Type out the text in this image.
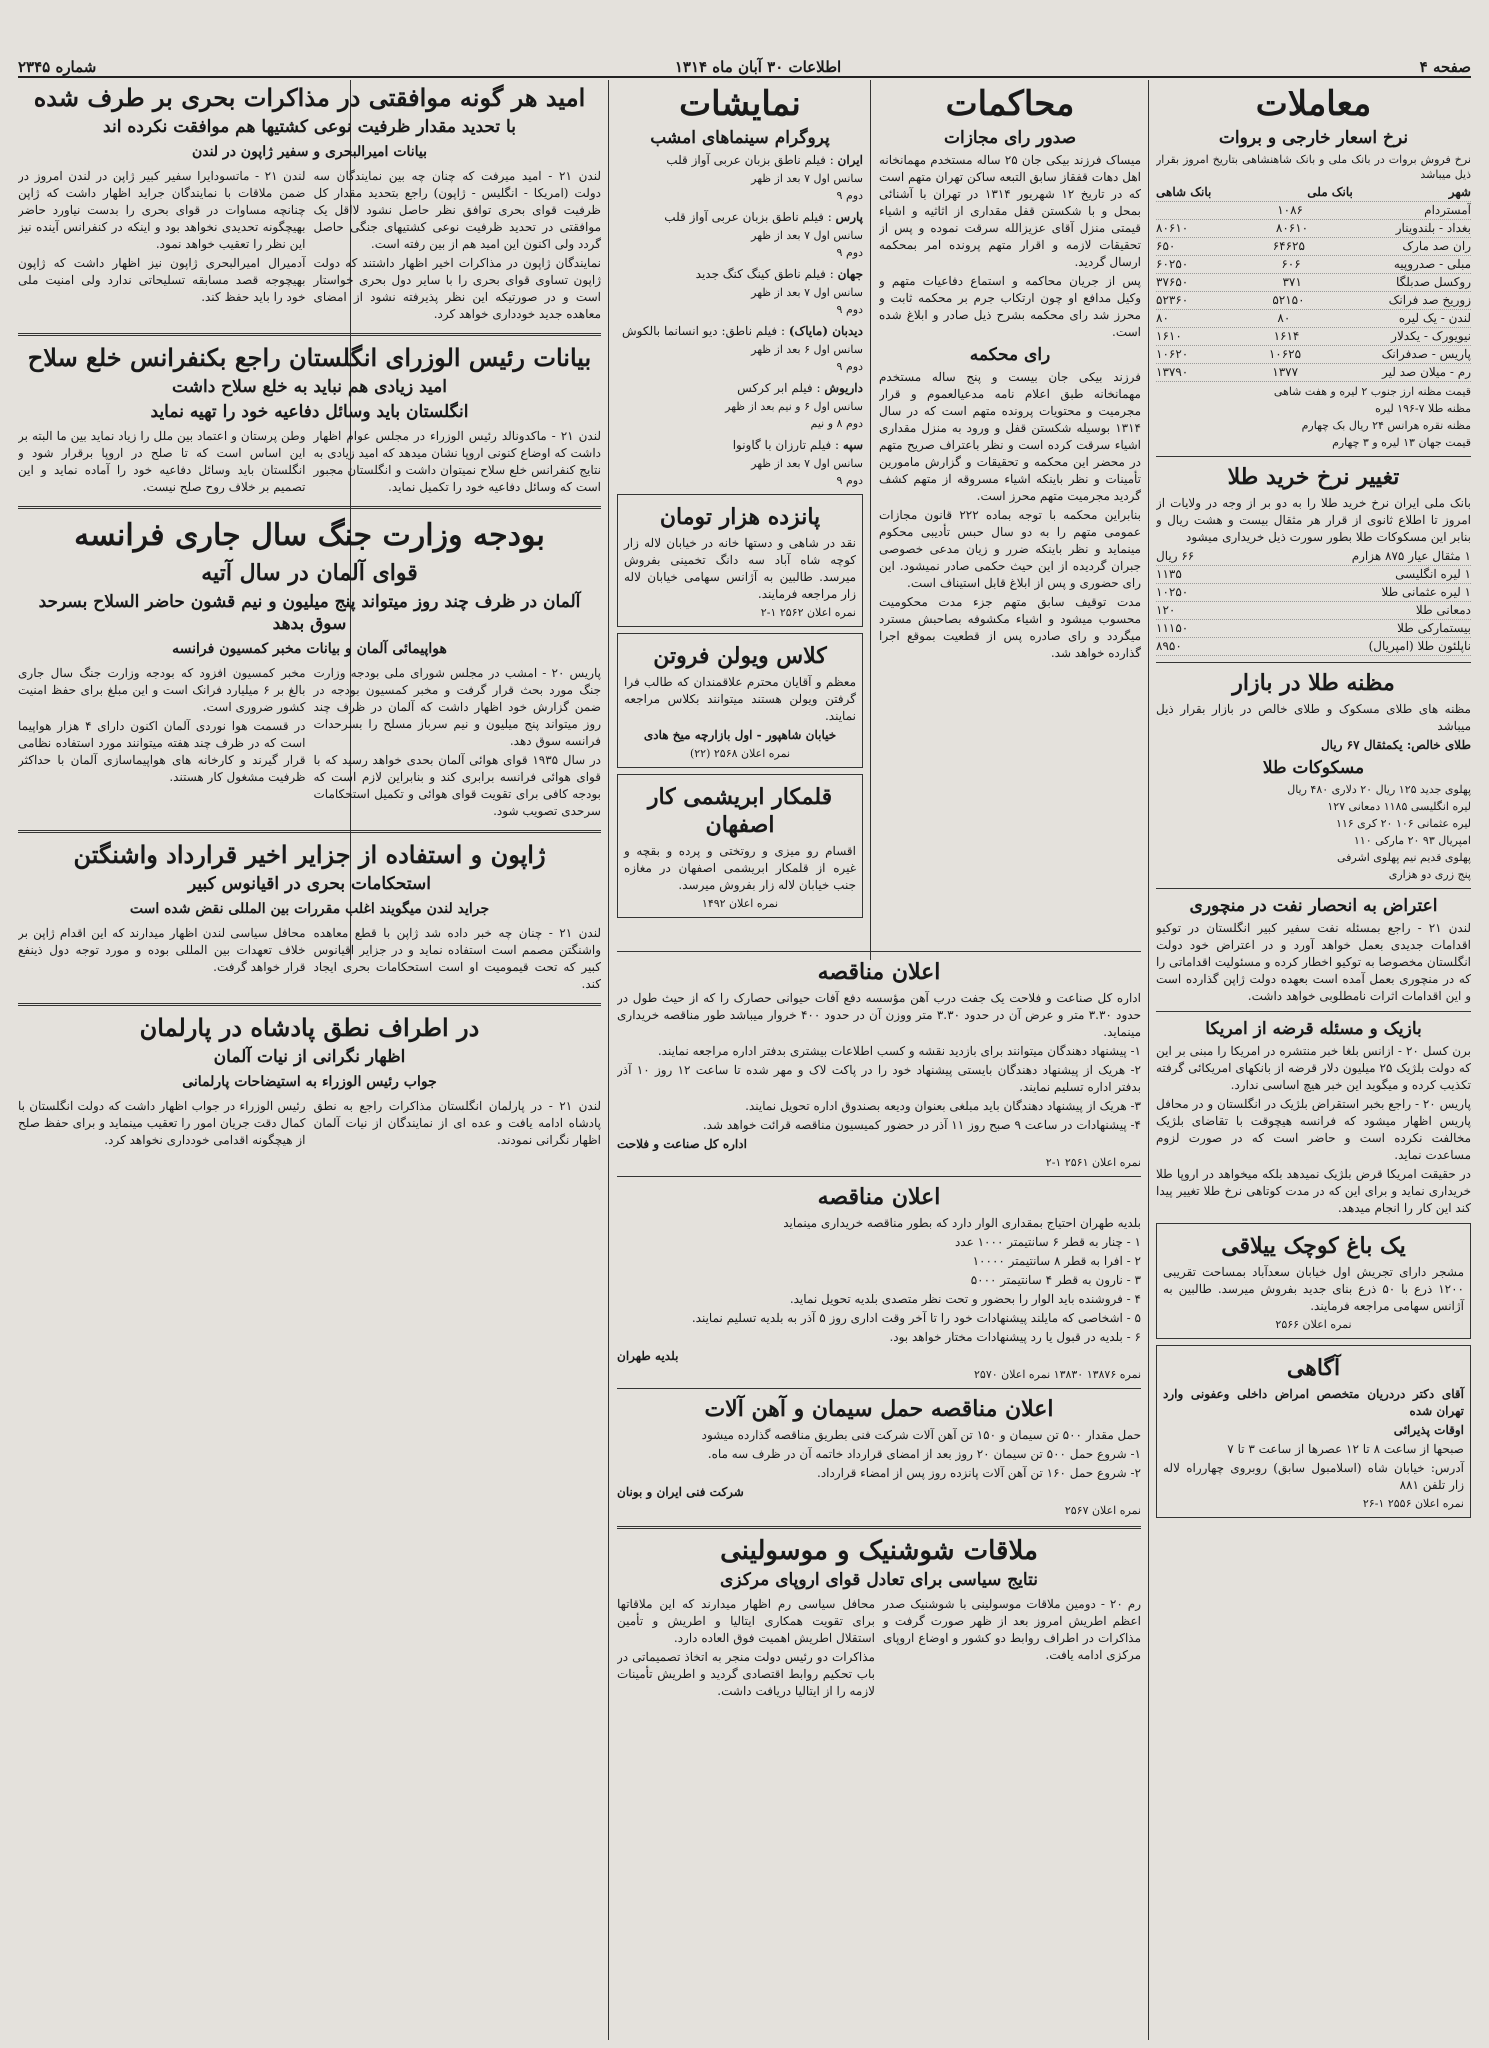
صفحه ۴
اطلاعات ۳۰ آبان ماه ۱۳۱۴
شماره ۲۳۴۵
معاملات
نرخ اسعار خارجی و بروات
نرخ فروش بروات در بانک ملی و بانک شاهنشاهی بتاریخ امروز بقرار ذیل میباشد
شهر
بانک ملی
بانک شاهی
آمستردام
۱۰۸۶
بغداد - بلندوینار
۸۰۶۱۰
۸۰۶۱۰
ران صد مارک
۶۴۶۲۵
۶۵۰
مبلی - صدروپیه
۶۰۶
۶۰۲۵۰
روکسل صدبلگا
۳۷۱
۳۷۶۵۰
زوریخ صد فرانک
۵۲۱۵۰
۵۲۳۶۰
لندن - یک لیره
۸۰
۸۰
نیویورک - یکدلار
۱۶۱۴
۱۶۱۰
پاریس - صدفرانک
۱۰۶۲۵
۱۰۶۲۰
رم - میلان صد لیر
۱۳۷۷
۱۳۷۹۰
قیمت مظنه ارز جنوب ۲ لیره و هفت شاهی
مظنه طلا ۷-۱۹۶ لیره
مظنه نقره هرانس ۲۴ ریال بک چهارم
قیمت جهان ۱۳ لیره و ۳ چهارم
تغییر نرخ خرید طلا
بانک ملی ایران نرخ خرید طلا را به دو بر از وجه در ولایات از امروز تا اطلاع ثانوی از قرار هر مثقال بیست و هشت ریال و بنابر این مسکوکات طلا بطور سورت ذیل خریداری میشود
۱ مثقال عیار ۸۷۵ هزارم
۶۶ ریال
۱ لیره انگلیسی
۱۱۳۵
۱ لیره عثمانی طلا
۱۰۲۵۰
دمعانی طلا
۱۲۰
بیستمارکی طلا
۱۱۱۵۰
ناپلئون طلا (امپریال)
۸۹۵۰
مظنه طلا در بازار
مظنه های طلای مسکوک و طلای خالص در بازار بقرار ذیل میباشد
طلای خالص: یکمثقال ۶۷ ریال
مسکوکات طلا
پهلوی جدید ۱۲۵ ریال ۲۰ دلاری ۴۸۰ ریال
لیره انگلیسی ۱۱۸۵ دمعانی ۱۲۷
لیره عثمانی ۱۰۶ ۲۰ کری ۱۱۶
امپریال ۹۳ ۲۰ مارکی ۱۱۰
پهلوی قدیم نیم پهلوی اشرفی
پنج زری دو هزاری
اعتراض به انحصار نفت در منچوری
لندن ۲۱ - راجع بمسئله نفت سفیر کبیر انگلستان در توکیو اقدامات جدیدی بعمل خواهد آورد و در اعتراض خود دولت انگلستان مخصوصا به توکیو اخطار کرده و مسئولیت اقداماتی را که در منچوری بعمل آمده است بعهده دولت ژاپن گذارده است و این اقدامات اثرات نامطلوبی خواهد داشت.
بازیک و مسئله قرضه از امریکا
برن کسل ۲۰ - ازانس بلغا خبر منتشره در امریکا را مبنی بر این که دولت بلژیک ۲۵ میلیون دلار قرضه از بانکهای امریکائی گرفته تکذیب کرده و میگوید این خبر هیچ اساسی ندارد.
پاریس ۲۰ - راجع بخبر استقراض بلژیک در انگلستان و در محافل پاریس اظهار میشود که فرانسه هیچوقت با تقاضای بلژیک مخالفت نکرده است و حاضر است که در صورت لزوم مساعدت نماید.
در حقیقت امریکا قرض بلژیک نمیدهد بلکه میخواهد در اروپا طلا خریداری نماید و برای این که در مدت کوتاهی نرخ طلا تغییر پیدا کند این کار را انجام میدهد.
یک باغ کوچک ییلاقی
مشجر دارای تجریش اول خیابان سعدآباد بمساحت تقریبی ۱۲۰۰ ذرع با ۵۰ ذرع بنای جدید بفروش میرسد. طالبین به آژانس سهامی مراجعه فرمایند.
نمره اعلان ۲۵۶۶
آگاهی
آقای دکتر دردریان متخصص امراض داخلی وعفونی وارد تهران شده
اوقات پذیرائی
صبحها از ساعت ۸ تا ۱۲ عصرها از ساعت ۳ تا ۷
آدرس: خیابان شاه (اسلامبول سابق) روبروی چهارراه لاله زار تلفن ۸۸۱
نمره اعلان ۲۵۵۶ ۱-۲۶
محاکمات
صدور رای مجازات
میساک فرزند بیکی جان ۲۵ ساله مستخدم مهمانخانه اهل دهات قفقاز سابق التبعه ساکن تهران متهم است که در تاریخ ۱۲ شهریور ۱۳۱۴ در تهران با آشنائی بمحل و با شکستن قفل مقداری از اثاثیه و اشیاء قیمتی منزل آقای عزیزالله سرقت نموده و پس از تحقیقات لازمه و اقرار متهم پرونده امر بمحکمه ارسال گردید.
پس از جریان محاکمه و استماع دفاعیات متهم و وکیل مدافع او چون ارتکاب جرم بر محکمه ثابت و محرز شد رای محکمه بشرح ذیل صادر و ابلاغ شده است.
رای محکمه
فرزند بیکی جان بیست و پنج ساله مستخدم مهمانخانه طبق اعلام نامه مدعیالعموم و قرار مجرمیت و محتویات پرونده متهم است که در سال ۱۳۱۴ بوسیله شکستن قفل و ورود به منزل مقداری اشیاء سرقت کرده است و نظر باعتراف صریح متهم در محضر این محکمه و تحقیقات و گزارش مامورین تأمینات و نظر باینکه اشیاء مسروقه از متهم کشف گردید مجرمیت متهم محرز است.
بنابراین محکمه با توجه بماده ۲۲۲ قانون مجازات عمومی متهم را به دو سال حبس تأدیبی محکوم مینماید و نظر باینکه ضرر و زیان مدعی خصوصی جبران گردیده از این حیث حکمی صادر نمیشود. این رای حضوری و پس از ابلاغ قابل استیناف است.
مدت توقیف سابق متهم جزء مدت محکومیت محسوب میشود و اشیاء مکشوفه بصاحبش مسترد میگردد و رای صادره پس از قطعیت بموقع اجرا گذارده خواهد شد.
نمایشات
پروگرام سینماهای امشب
ایران : فیلم ناطق بزبان عربی آواز قلب
سانس اول ۷ بعد از ظهر
دوم ۹
پارس : فیلم ناطق بزبان عربی آواز قلب
سانس اول ۷ بعد از ظهر
دوم ۹
جهان : فیلم ناطق کینگ کنگ جدید
سانس اول ۷ بعد از ظهر
دوم ۹
دیدبان (مایاک) : فیلم ناطق: دیو انسانما بالکوش
سانس اول ۶ بعد از ظهر
دوم ۹
داریوش : فیلم ابر کرکس
سانس اول ۶ و نیم بعد از ظهر
دوم ۸ و نیم
سپه : فیلم تارزان با گاونوا
سانس اول ۷ بعد از ظهر
دوم ۹
پانزده هزار تومان
نقد در شاهی و دستها خانه در خیابان لاله زار کوچه شاه آباد سه دانگ تخمینی بفروش میرسد. طالبین به آژانس سهامی خیابان لاله زار مراجعه فرمایند.
نمره اعلان ۲۵۶۲ ۱-۲
کلاس ویولن فروتن
معظم و آقایان محترم علاقمندان که طالب فرا گرفتن ویولن هستند میتوانند بکلاس مراجعه نمایند.
خیابان شاهپور - اول بازارچه میخ هادی
نمره اعلان ۲۵۶۸ (۲۲)
قلمکار ابریشمی کار اصفهان
اقسام رو میزی و روتختی و پرده و بقچه و غیره از قلمکار ابریشمی اصفهان در مغازه جنب خیابان لاله زار بفروش میرسد.
نمره اعلان ۱۴۹۲
امید هر گونه موافقتی در مذاکرات بحری بر طرف شده
با تحدید مقدار ظرفیت نوعی کشتیها هم موافقت نکرده اند
بیانات امیرالبحری و سفیر ژاپون در لندن
لندن ۲۱ - امید میرفت که چنان چه بین نمایندگان سه دولت (امریکا - انگلیس - ژاپون) راجع بتحدید مقدار کل ظرفیت قوای بحری توافق نظر حاصل نشود لااقل یک موافقتی در تحدید ظرفیت نوعی کشتیهای جنگی حاصل گردد ولی اکنون این امید هم از بین رفته است.
نمایندگان ژاپون در مذاکرات اخیر اظهار داشتند که دولت ژاپون تساوی قوای بحری را با سایر دول بحری خواستار است و در صورتیکه این نظر پذیرفته نشود از امضای معاهده جدید خودداری خواهد کرد.
لندن ۲۱ - ماتسودایرا سفیر کبیر ژاپن در لندن امروز در ضمن ملاقات با نمایندگان جراید اظهار داشت که ژاپن چنانچه مساوات در قوای بحری را بدست نیاورد حاضر بهیچگونه تحدیدی نخواهد بود و اینکه در کنفرانس آینده نیز این نظر را تعقیب خواهد نمود.
آدمیرال امیرالبحری ژاپون نیز اظهار داشت که ژاپون بهیچوجه قصد مسابقه تسلیحاتی ندارد ولی امنیت ملی خود را باید حفظ کند.
بیانات رئیس الوزرای انگلستان راجع بکنفرانس خلع سلاح
امید زیادی هم نباید به خلع سلاح داشت
انگلستان باید وسائل دفاعیه خود را تهیه نماید
لندن ۲۱ - ماکدونالد رئیس الوزراء در مجلس عوام اظهار داشت که اوضاع کنونی اروپا نشان میدهد که امید زیادی به نتایج کنفرانس خلع سلاح نمیتوان داشت و انگلستان مجبور است که وسائل دفاعیه خود را تکمیل نماید.
وطن پرستان و اعتماد بین ملل را زیاد نماید بین ما البته بر این اساس است که تا صلح در اروپا برقرار شود و انگلستان باید وسائل دفاعیه خود را آماده نماید و این تصمیم بر خلاف روح صلح نیست.
بودجه وزارت جنگ سال جاری فرانسه
قوای آلمان در سال آتیه
آلمان در ظرف چند روز میتواند پنج میلیون و نیم قشون حاضر السلاح بسرحد سوق بدهد
هواپیمائی آلمان و بیانات مخبر کمسیون فرانسه
پاریس ۲۰ - امشب در مجلس شورای ملی بودجه وزارت جنگ مورد بحث قرار گرفت و مخبر کمسیون بودجه در ضمن گزارش خود اظهار داشت که آلمان در ظرف چند روز میتواند پنج میلیون و نیم سرباز مسلح را بسرحدات فرانسه سوق دهد.
در سال ۱۹۳۵ قوای هوائی آلمان بحدی خواهد رسید که با قوای هوائی فرانسه برابری کند و بنابراین لازم است که بودجه کافی برای تقویت قوای هوائی و تکمیل استحکامات سرحدی تصویب شود.
مخبر کمسیون افزود که بودجه وزارت جنگ سال جاری بالغ بر ۶ میلیارد فرانک است و این مبلغ برای حفظ امنیت کشور ضروری است.
در قسمت هوا نوردی آلمان اکنون دارای ۴ هزار هواپیما است که در ظرف چند هفته میتوانند مورد استفاده نظامی قرار گیرند و کارخانه های هواپیماسازی آلمان با حداکثر ظرفیت مشغول کار هستند.
ژاپون و استفاده از جزایر اخیر قرارداد واشنگتن
استحکامات بحری در اقیانوس کبیر
جراید لندن میگویند اغلب مقررات بین المللی نقض شده است
لندن ۲۱ - چنان چه خبر داده شد ژاپن با قطع معاهده واشنگتن مصمم است استفاده نماید و در جزایر اقیانوس کبیر که تحت قیمومیت او است استحکامات بحری ایجاد کند.
محافل سیاسی لندن اظهار میدارند که این اقدام ژاپن بر خلاف تعهدات بین المللی بوده و مورد توجه دول ذینفع قرار خواهد گرفت.
در اطراف نطق پادشاه در پارلمان
اظهار نگرانی از نیات آلمان
جواب رئیس الوزراء به استیضاحات پارلمانی
لندن ۲۱ - در پارلمان انگلستان مذاکرات راجع به نطق پادشاه ادامه یافت و عده ای از نمایندگان از نیات آلمان اظهار نگرانی نمودند.
رئیس الوزراء در جواب اظهار داشت که دولت انگلستان با کمال دقت جریان امور را تعقیب مینماید و برای حفظ صلح از هیچگونه اقدامی خودداری نخواهد کرد.
اعلان مناقصه
اداره کل صناعت و فلاحت یک جفت درب آهن مؤسسه دفع آفات حیوانی حصارک را که از حیث طول در حدود ۳.۳۰ متر و عرض آن در حدود ۳.۳۰ متر ووزن آن در حدود ۴۰۰ خروار میباشد طور مناقصه خریداری مینماید.
۱- پیشنهاد دهندگان میتوانند برای بازدید نقشه و کسب اطلاعات بیشتری بدفتر اداره مراجعه نمایند.
۲- هریک از پیشنهاد دهندگان بایستی پیشنهاد خود را در پاکت لاک و مهر شده تا ساعت ۱۲ روز ۱۰ آذر بدفتر اداره تسلیم نمایند.
۳- هریک از پیشنهاد دهندگان باید مبلغی بعنوان ودیعه بصندوق اداره تحویل نمایند.
۴- پیشنهادات در ساعت ۹ صبح روز ۱۱ آذر در حضور کمیسیون مناقصه قرائت خواهد شد.
اداره کل صناعت و فلاحت
نمره اعلان ۲۵۶۱ ۱-۲
اعلان مناقصه
بلدیه طهران احتیاج بمقداری الوار دارد که بطور مناقصه خریداری مینماید
۱ - چنار به قطر ۶ سانتیمتر ۱۰۰۰ عدد
۲ - افرا به قطر ۸ سانتیمتر ۱۰۰۰۰
۳ - نارون به قطر ۴ سانتیمتر ۵۰۰۰
۴ - فروشنده باید الوار را بحضور و تحت نظر متصدی بلدیه تحویل نماید.
۵ - اشخاصی که مایلند پیشنهادات خود را تا آخر وقت اداری روز ۵ آذر به بلدیه تسلیم نمایند.
۶ - بلدیه در قبول یا رد پیشنهادات مختار خواهد بود.
بلدیه طهران
نمره ۱۳۸۷۶ ۱۳۸۳۰ نمره اعلان ۲۵۷۰
اعلان مناقصه حمل سیمان و آهن آلات
حمل مقدار ۵۰۰ تن سیمان و ۱۵۰ تن آهن آلات شرکت فنی بطریق مناقصه گذارده میشود
۱- شروع حمل ۵۰۰ تن سیمان ۲۰ روز بعد از امضای قرارداد خاتمه آن در ظرف سه ماه.
۲- شروع حمل ۱۶۰ تن آهن آلات پانزده روز پس از امضاء قرارداد.
شرکت فنی ایران و بونان
نمره اعلان ۲۵۶۷
ملاقات شوشنیک و موسولینی
نتایج سیاسی برای تعادل قوای اروپای مرکزی
رم ۲۰ - دومین ملاقات موسولینی با شوشنیک صدر اعظم اطریش امروز بعد از ظهر صورت گرفت و مذاکرات در اطراف روابط دو کشور و اوضاع اروپای مرکزی ادامه یافت.
محافل سیاسی رم اظهار میدارند که این ملاقاتها برای تقویت همکاری ایتالیا و اطریش و تأمین استقلال اطریش اهمیت فوق العاده دارد.
مذاکرات دو رئیس دولت منجر به اتخاذ تصمیماتی در باب تحکیم روابط اقتصادی گردید و اطریش تأمینات لازمه را از ایتالیا دریافت داشت.
